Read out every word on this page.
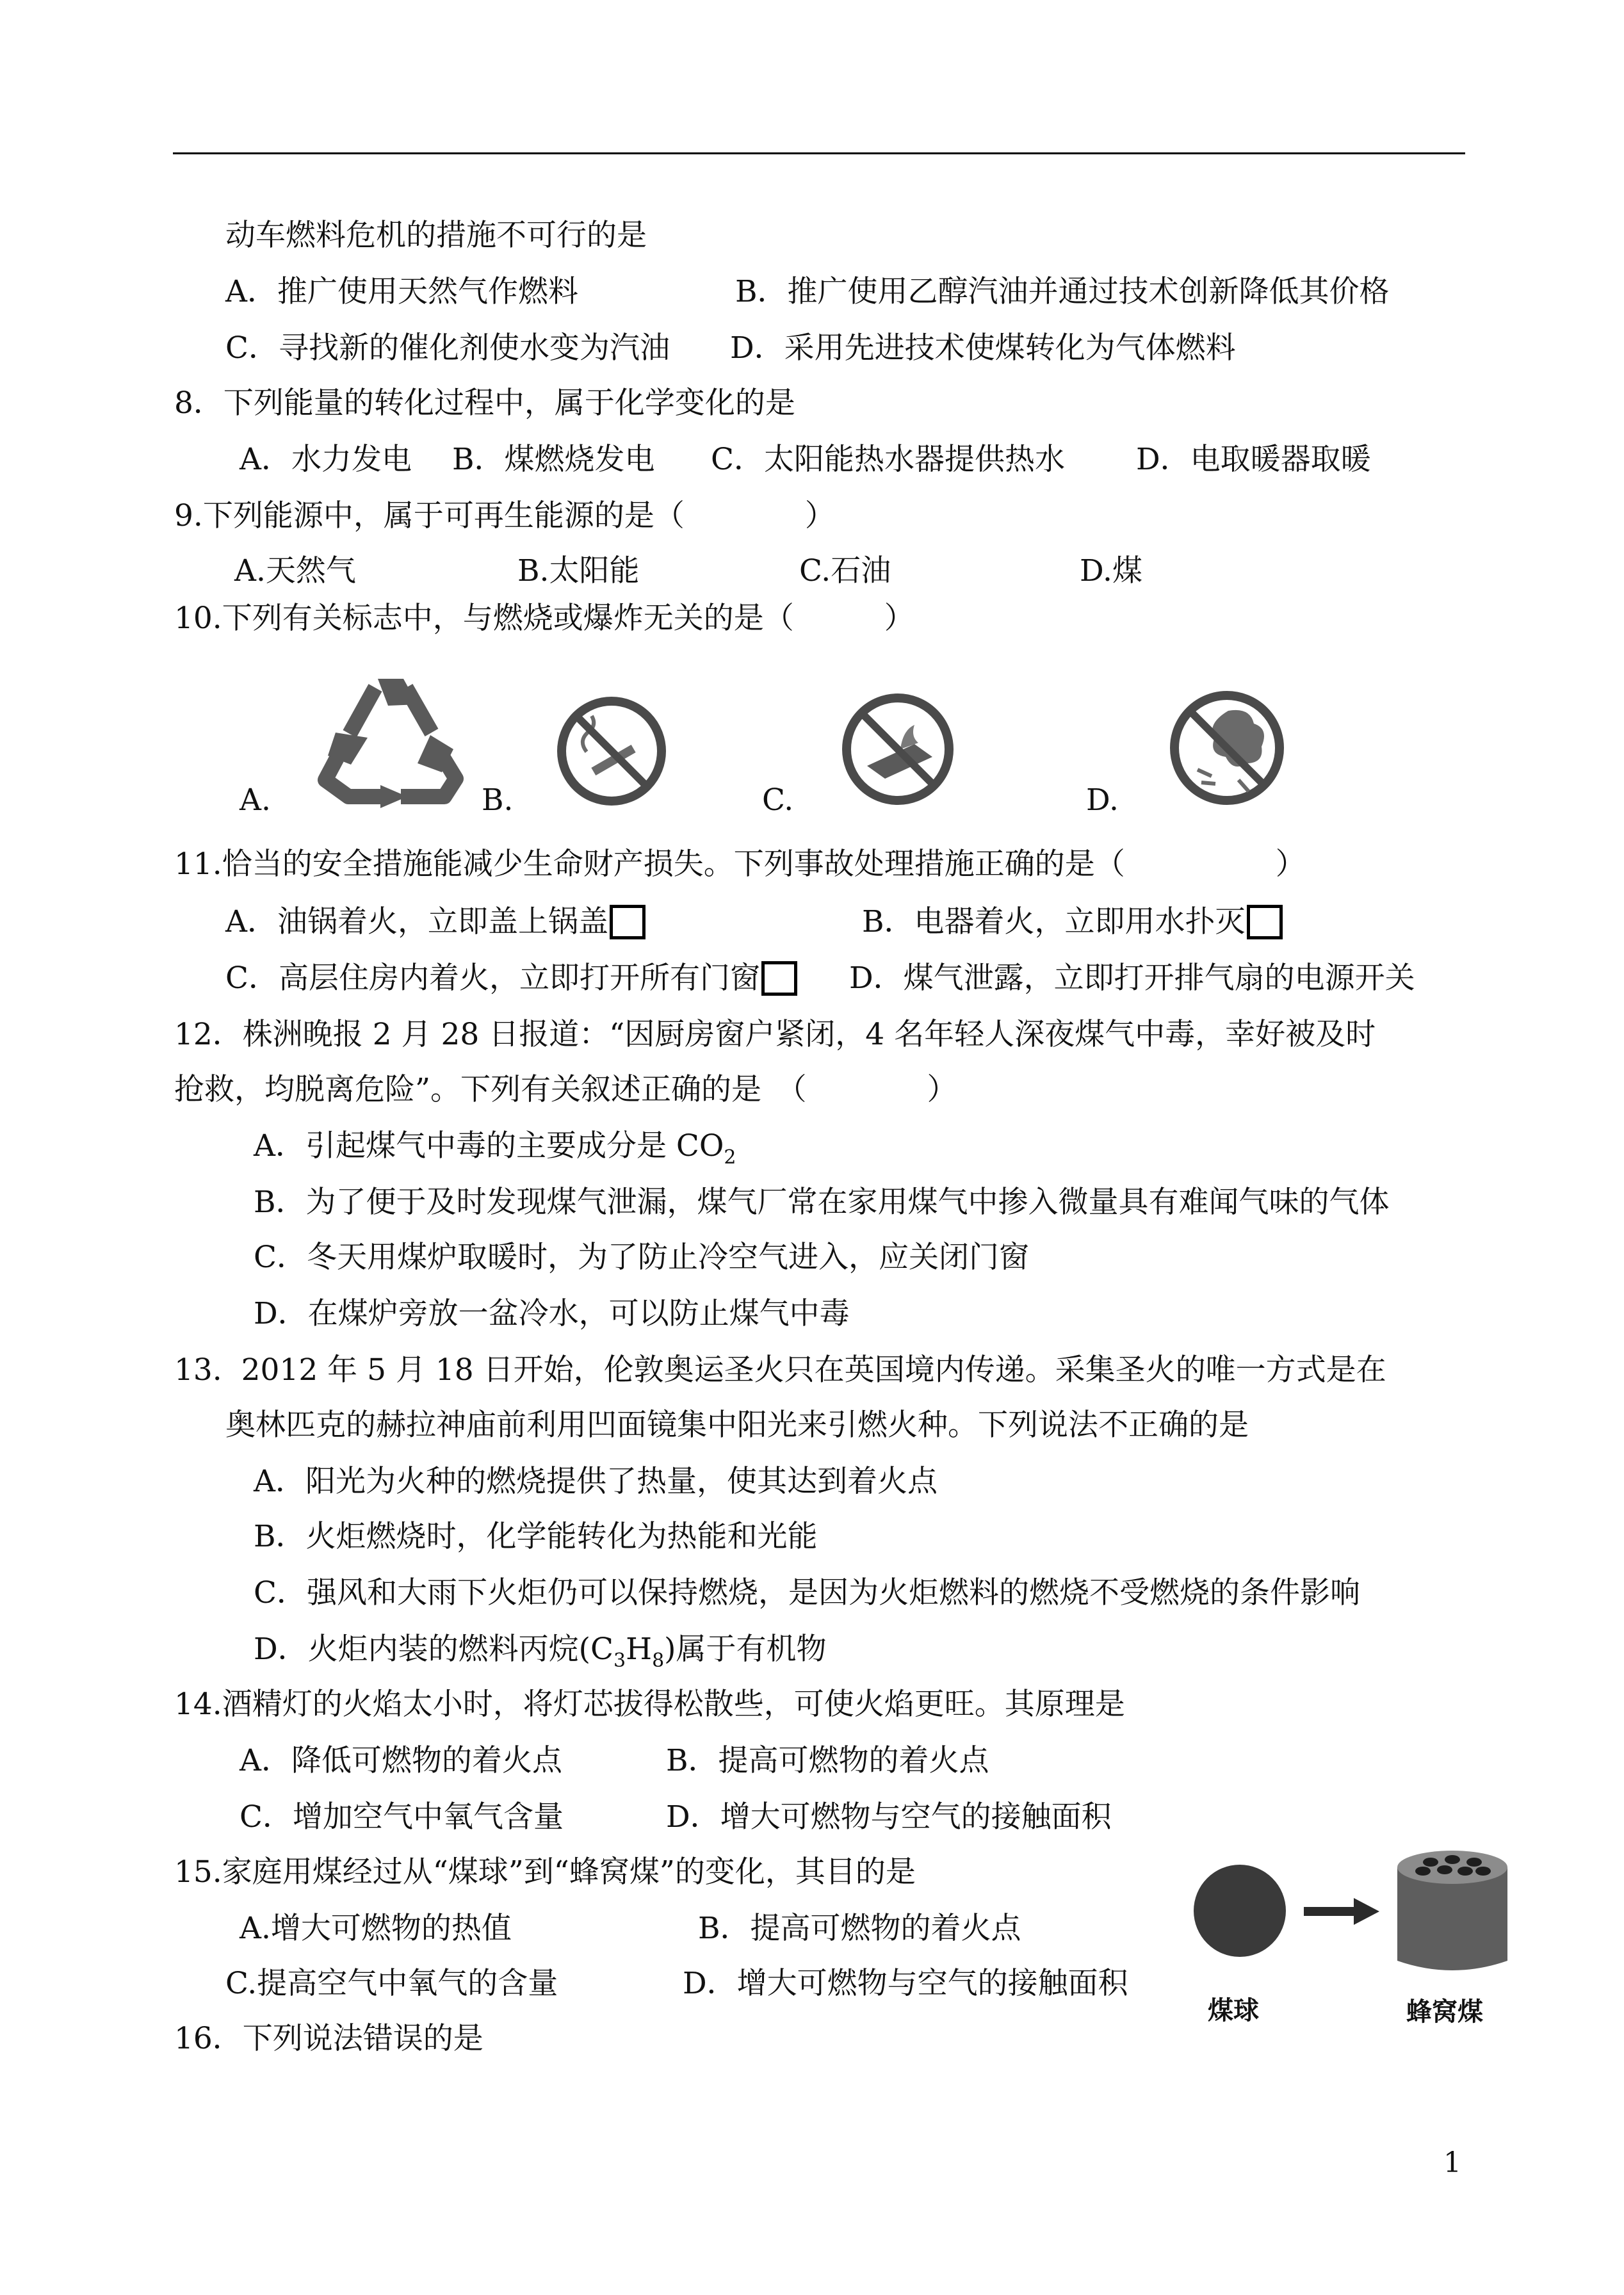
动车燃料危机的措施不可行的是
A．推广使用天然气作燃料	B．推广使用乙醇汽油并通过技术创新降低其价格
C．寻找新的催化剂使水变为汽油 D．采用先进技术使煤转化为气体燃料
8．下列能量的转化过程中，属于化学变化的是
A．水力发电 B．煤燃烧发电 C．太阳能热水器提供热水 D．电取暖器取暖
9.下列能源中，属于可再生能源的是（　　　　）
A.天然气	B.太阳能	C.石油	D.煤
10.下列有关标志中，与燃烧或爆炸无关的是（　　　）
A.	B.	C.	D.
11.恰当的安全措施能减少生命财产损失。下列事故处理措施正确的是（　　　　　）
A．油锅着火，立即盖上锅盖	B．电器着火，立即用水扑灭
C．高层住房内着火，立即打开所有门窗	D．煤气泄露，立即打开排气扇的电源开关
12．株洲晚报 2 月 28 日报道：“因厨房窗户紧闭，4 名年轻人深夜煤气中毒，幸好被及时
抢救，均脱离危险”。下列有关叙述正确的是　（　　　　）
A．引起煤气中毒的主要成分是 $CO_2$
B．为了便于及时发现煤气泄漏，煤气厂常在家用煤气中掺入微量具有难闻气味的气体
C．冬天用煤炉取暖时，为了防止冷空气进入，应关闭门窗
D．在煤炉旁放一盆冷水，可以防止煤气中毒
13.  2012 年 5 月 18 日开始，伦敦奥运圣火只在英国境内传递。采集圣火的唯一方式是在
奥林匹克的赫拉神庙前利用凹面镜集中阳光来引燃火种。下列说法不正确的是
A．阳光为火种的燃烧提供了热量，使其达到着火点
B．火炬燃烧时，化学能转化为热能和光能
C．强风和大雨下火炬仍可以保持燃烧，是因为火炬燃料的燃烧不受燃烧的条件影响
D．火炬内装的燃料丙烷$(C_3H_8)$属于有机物
14.酒精灯的火焰太小时，将灯芯拔得松散些，可使火焰更旺。其原理是
A．降低可燃物的着火点	B．提高可燃物的着火点
C．增加空气中氧气含量	D．增大可燃物与空气的接触面积
15.家庭用煤经过从“煤球”到“蜂窝煤”的变化，其目的是
A.增大可燃物的热值	B．提高可燃物的着火点
C.提高空气中氧气的含量	D．增大可燃物与空气的接触面积
煤球	蜂窝煤
16．下列说法错误的是
1
